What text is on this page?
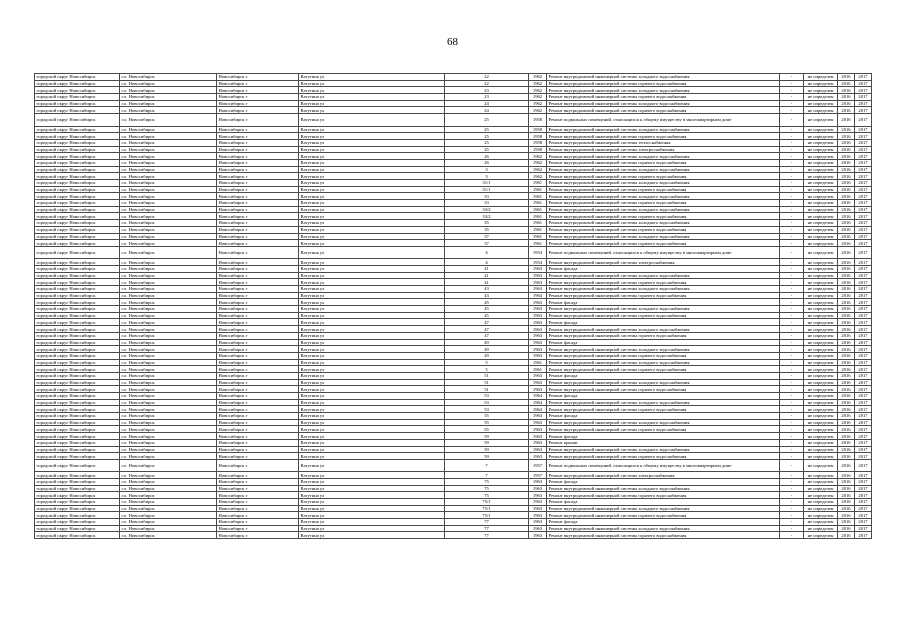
68
городской округ Новосибирск	г.о. Новосибирск	Новосибирск г	Вагутина ул	22	1962	Ремонт внутридомовой инженерной системы холодного водоснабжения	-	не определен	2016	2017
городской округ Новосибирск	г.о. Новосибирск	Новосибирск г	Вагутина ул	22	1962	Ремонт внутридомовой инженерной системы горячего водоснабжения	-	не определен	2016	2017
городской округ Новосибирск	г.о. Новосибирск	Новосибирск г	Вагутина ул	23	1962	Ремонт внутридомовой инженерной системы холодного водоснабжения	-	не определен	2016	2017
городской округ Новосибирск	г.о. Новосибирск	Новосибирск г	Вагутина ул	23	1962	Ремонт внутридомовой инженерной системы горячего водоснабжения	-	не определен	2016	2017
городской округ Новосибирск	г.о. Новосибирск	Новосибирск г	Вагутина ул	24	1962	Ремонт внутридомовой инженерной системы холодного водоснабжения	-	не определен	2016	2017
городской округ Новосибирск	г.о. Новосибирск	Новосибирск г	Вагутина ул	24	1962	Ремонт внутридомовой инженерной системы горячего водоснабжения	-	не определен	2016	2017
городской округ Новосибирск	г.о. Новосибирск	Новосибирск г	Вагутина ул	25	1958	Ремонт подвальных помещений, относящихся к общему имуществу в многоквартирном доме	-	не определен	2016	2017
городской округ Новосибирск	г.о. Новосибирск	Новосибирск г	Вагутина ул	25	1958	Ремонт внутридомовой инженерной системы холодного водоснабжения	-	не определен	2016	2017
городской округ Новосибирск	г.о. Новосибирск	Новосибирск г	Вагутина ул	25	1958	Ремонт внутридомовой инженерной системы горячего водоснабжения	-	не определен	2016	2017
городской округ Новосибирск	г.о. Новосибирск	Новосибирск г	Вагутина ул	25	1958	Ремонт внутридомовой инженерной системы теплоснабжения	-	не определен	2016	2017
городской округ Новосибирск	г.о. Новосибирск	Новосибирск г	Вагутина ул	25	1958	Ремонт внутридомовой инженерной системы электроснабжения	-	не определен	2016	2017
городской округ Новосибирск	г.о. Новосибирск	Новосибирск г	Вагутина ул	26	1962	Ремонт внутридомовой инженерной системы холодного водоснабжения	-	не определен	2016	2017
городской округ Новосибирск	г.о. Новосибирск	Новосибирск г	Вагутина ул	26	1962	Ремонт внутридомовой инженерной системы горячего водоснабжения	-	не определен	2016	2017
городской округ Новосибирск	г.о. Новосибирск	Новосибирск г	Вагутина ул	3	1962	Ремонт внутридомовой инженерной системы холодного водоснабжения	-	не определен	2016	2017
городской округ Новосибирск	г.о. Новосибирск	Новосибирск г	Вагутина ул	3	1962	Ремонт внутридомовой инженерной системы горячего водоснабжения	-	не определен	2016	2017
городской округ Новосибирск	г.о. Новосибирск	Новосибирск г	Вагутина ул	31/1	1961	Ремонт внутридомовой инженерной системы холодного водоснабжения	-	не определен	2016	2017
городской округ Новосибирск	г.о. Новосибирск	Новосибирск г	Вагутина ул	31/1	1961	Ремонт внутридомовой инженерной системы горячего водоснабжения	-	не определен	2016	2017
городской округ Новосибирск	г.о. Новосибирск	Новосибирск г	Вагутина ул	33	1961	Ремонт внутридомовой инженерной системы холодного водоснабжения	-	не определен	2016	2017
городской округ Новосибирск	г.о. Новосибирск	Новосибирск г	Вагутина ул	33	1961	Ремонт внутридомовой инженерной системы горячего водоснабжения	-	не определен	2016	2017
городской округ Новосибирск	г.о. Новосибирск	Новосибирск г	Вагутина ул	33/2	1961	Ремонт внутридомовой инженерной системы холодного водоснабжения	-	не определен	2016	2017
городской округ Новосибирск	г.о. Новосибирск	Новосибирск г	Вагутина ул	33/2	1961	Ремонт внутридомовой инженерной системы горячего водоснабжения	-	не определен	2016	2017
городской округ Новосибирск	г.о. Новосибирск	Новосибирск г	Вагутина ул	35	1961	Ремонт внутридомовой инженерной системы холодного водоснабжения	-	не определен	2016	2017
городской округ Новосибирск	г.о. Новосибирск	Новосибирск г	Вагутина ул	35	1961	Ремонт внутридомовой инженерной системы горячего водоснабжения	-	не определен	2016	2017
городской округ Новосибирск	г.о. Новосибирск	Новосибирск г	Вагутина ул	37	1961	Ремонт внутридомовой инженерной системы холодного водоснабжения	-	не определен	2016	2017
городской округ Новосибирск	г.о. Новосибирск	Новосибирск г	Вагутина ул	37	1961	Ремонт внутридомовой инженерной системы горячего водоснабжения	-	не определен	2016	2017
городской округ Новосибирск	г.о. Новосибирск	Новосибирск г	Вагутина ул	4	1954	Ремонт подвальных помещений, относящихся к общему имуществу в многоквартирном доме	-	не определен	2016	2017
городской округ Новосибирск	г.о. Новосибирск	Новосибирск г	Вагутина ул	4	1954	Ремонт внутридомовой инженерной системы электроснабжения	-	не определен	2016	2017
городской округ Новосибирск	г.о. Новосибирск	Новосибирск г	Вагутина ул	41	1963	Ремонт фасада	-	не определен	2016	2017
городской округ Новосибирск	г.о. Новосибирск	Новосибирск г	Вагутина ул	41	1963	Ремонт внутридомовой инженерной системы холодного водоснабжения	-	не определен	2016	2017
городской округ Новосибирск	г.о. Новосибирск	Новосибирск г	Вагутина ул	41	1963	Ремонт внутридомовой инженерной системы горячего водоснабжения	-	не определен	2016	2017
городской округ Новосибирск	г.о. Новосибирск	Новосибирск г	Вагутина ул	43	1963	Ремонт внутридомовой инженерной системы холодного водоснабжения	-	не определен	2016	2017
городской округ Новосибирск	г.о. Новосибирск	Новосибирск г	Вагутина ул	43	1964	Ремонт внутридомовой инженерной системы горячего водоснабжения	-	не определен	2016	2017
городской округ Новосибирск	г.о. Новосибирск	Новосибирск г	Вагутина ул	45	1963	Ремонт фасада	-	не определен	2016	2017
городской округ Новосибирск	г.о. Новосибирск	Новосибирск г	Вагутина ул	45	1963	Ремонт внутридомовой инженерной системы холодного водоснабжения	-	не определен	2016	2017
городской округ Новосибирск	г.о. Новосибирск	Новосибирск г	Вагутина ул	45	1963	Ремонт внутридомовой инженерной системы горячего водоснабжения	-	не определен	2016	2017
городской округ Новосибирск	г.о. Новосибирск	Новосибирск г	Вагутина ул	47	1963	Ремонт фасада	-	не определен	2016	2017
городской округ Новосибирск	г.о. Новосибирск	Новосибирск г	Вагутина ул	47	1963	Ремонт внутридомовой инженерной системы холодного водоснабжения	-	не определен	2016	2017
городской округ Новосибирск	г.о. Новосибирск	Новосибирск г	Вагутина ул	47	1963	Ремонт внутридомовой инженерной системы горячего водоснабжения	-	не определен	2016	2017
городской округ Новосибирск	г.о. Новосибирск	Новосибирск г	Вагутина ул	49	1963	Ремонт фасада	-	не определен	2016	2017
городской округ Новосибирск	г.о. Новосибирск	Новосибирск г	Вагутина ул	49	1963	Ремонт внутридомовой инженерной системы холодного водоснабжения	-	не определен	2016	2017
городской округ Новосибирск	г.о. Новосибирск	Новосибирск г	Вагутина ул	49	1963	Ремонт внутридомовой инженерной системы горячего водоснабжения	-	не определен	2016	2017
городской округ Новосибирск	г.о. Новосибирск	Новосибирск г	Вагутина ул	5	1961	Ремонт внутридомовой инженерной системы холодного водоснабжения	-	не определен	2016	2017
городской округ Новосибирск	г.о. Новосибирск	Новосибирск г	Вагутина ул	5	1961	Ремонт внутридомовой инженерной системы горячего водоснабжения	-	не определен	2016	2017
городской округ Новосибирск	г.о. Новосибирск	Новосибирск г	Вагутина ул	51	1963	Ремонт фасада	-	не определен	2016	2017
городской округ Новосибирск	г.о. Новосибирск	Новосибирск г	Вагутина ул	51	1963	Ремонт внутридомовой инженерной системы холодного водоснабжения	-	не определен	2016	2017
городской округ Новосибирск	г.о. Новосибирск	Новосибирск г	Вагутина ул	51	1963	Ремонт внутридомовой инженерной системы горячего водоснабжения	-	не определен	2016	2017
городской округ Новосибирск	г.о. Новосибирск	Новосибирск г	Вагутина ул	53	1964	Ремонт фасада	-	не определен	2016	2017
городской округ Новосибирск	г.о. Новосибирск	Новосибирск г	Вагутина ул	53	1964	Ремонт внутридомовой инженерной системы холодного водоснабжения	-	не определен	2016	2017
городской округ Новосибирск	г.о. Новосибирск	Новосибирск г	Вагутина ул	53	1964	Ремонт внутридомовой инженерной системы горячего водоснабжения	-	не определен	2016	2017
городской округ Новосибирск	г.о. Новосибирск	Новосибирск г	Вагутина ул	55	1963	Ремонт фасада	-	не определен	2016	2017
городской округ Новосибирск	г.о. Новосибирск	Новосибирск г	Вагутина ул	55	1963	Ремонт внутридомовой инженерной системы холодного водоснабжения	-	не определен	2016	2017
городской округ Новосибирск	г.о. Новосибирск	Новосибирск г	Вагутина ул	55	1963	Ремонт внутридомовой инженерной системы горячего водоснабжения	-	не определен	2016	2017
городской округ Новосибирск	г.о. Новосибирск	Новосибирск г	Вагутина ул	59	1963	Ремонт фасада	-	не определен	2016	2017
городской округ Новосибирск	г.о. Новосибирск	Новосибирск г	Вагутина ул	59	1963	Ремонт крыши	-	не определен	2016	2017
городской округ Новосибирск	г.о. Новосибирск	Новосибирск г	Вагутина ул	59	1963	Ремонт внутридомовой инженерной системы холодного водоснабжения	-	не определен	2016	2017
городской округ Новосибирск	г.о. Новосибирск	Новосибирск г	Вагутина ул	59	1963	Ремонт внутридомовой инженерной системы горячего водоснабжения	-	не определен	2016	2017
городской округ Новосибирск	г.о. Новосибирск	Новосибирск г	Вагутина ул	7	1957	Ремонт подвальных помещений, относящихся к общему имуществу в многоквартирном доме	-	не определен	2016	2017
городской округ Новосибирск	г.о. Новосибирск	Новосибирск г	Вагутина ул	7	1957	Ремонт внутридомовой инженерной системы электроснабжения	-	не определен	2016	2017
городской округ Новосибирск	г.о. Новосибирск	Новосибирск г	Вагутина ул	75	1963	Ремонт фасада	-	не определен	2016	2017
городской округ Новосибирск	г.о. Новосибирск	Новосибирск г	Вагутина ул	75	1963	Ремонт внутридомовой инженерной системы холодного водоснабжения	-	не определен	2016	2017
городской округ Новосибирск	г.о. Новосибирск	Новосибирск г	Вагутина ул	75	1963	Ремонт внутридомовой инженерной системы горячего водоснабжения	-	не определен	2016	2017
городской округ Новосибирск	г.о. Новосибирск	Новосибирск г	Вагутина ул	75/1	1963	Ремонт фасада	-	не определен	2016	2017
городской округ Новосибирск	г.о. Новосибирск	Новосибирск г	Вагутина ул	75/1	1963	Ремонт внутридомовой инженерной системы холодного водоснабжения	-	не определен	2016	2017
городской округ Новосибирск	г.о. Новосибирск	Новосибирск г	Вагутина ул	75/1	1963	Ремонт внутридомовой инженерной системы горячего водоснабжения	-	не определен	2016	2017
городской округ Новосибирск	г.о. Новосибирск	Новосибирск г	Вагутина ул	77	1963	Ремонт фасада	-	не определен	2016	2017
городской округ Новосибирск	г.о. Новосибирск	Новосибирск г	Вагутина ул	77	1963	Ремонт внутридомовой инженерной системы холодного водоснабжения	-	не определен	2016	2017
городской округ Новосибирск	г.о. Новосибирск	Новосибирск г	Вагутина ул	77	1963	Ремонт внутридомовой инженерной системы горячего водоснабжения	-	не определен	2016	2017
